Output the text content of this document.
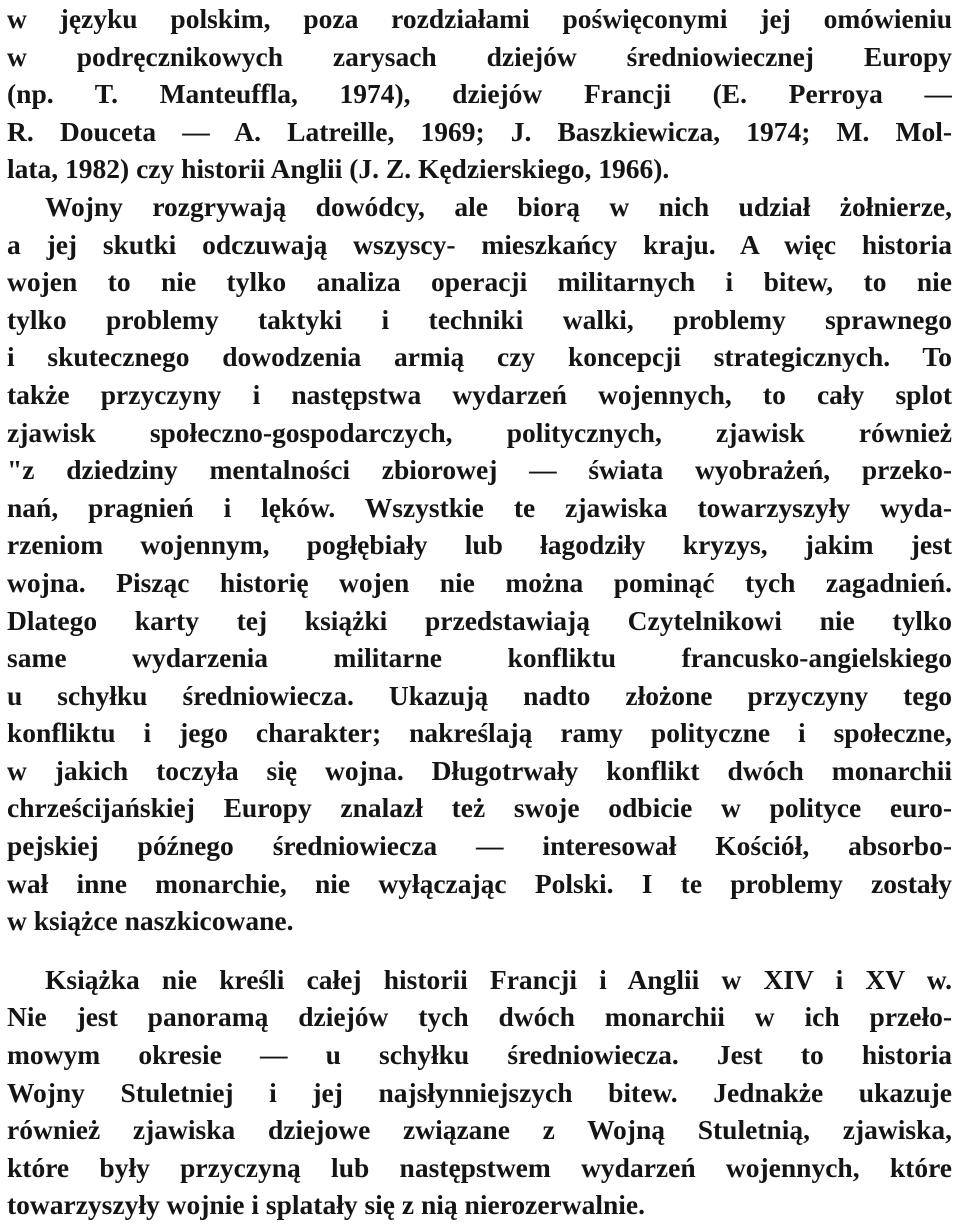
w języku polskim, poza rozdziałami poświęconymi jej omówieniu
w podręcznikowych zarysach dziejów średniowiecznej Europy
(np. T. Manteuffla, 1974), dziejów Francji (E. Perroya —
R. Douceta — A. Latreille, 1969; J. Baszkiewicza, 1974; M. Mol-
lata, 1982) czy historii Anglii (J. Z. Kędzierskiego, 1966).
Wojny rozgrywają dowódcy, ale biorą w nich udział żołnierze,
a jej skutki odczuwają wszyscy- mieszkańcy kraju. A więc historia
wojen to nie tylko analiza operacji militarnych i bitew, to nie
tylko problemy taktyki i techniki walki, problemy sprawnego
i skutecznego dowodzenia armią czy koncepcji strategicznych. To
także przyczyny i następstwa wydarzeń wojennych, to cały splot
zjawisk społeczno-gospodarczych, politycznych, zjawisk również
"z dziedziny mentalności zbiorowej — świata wyobrażeń, przeko-
nań, pragnień i lęków. Wszystkie te zjawiska towarzyszyły wyda-
rzeniom wojennym, pogłębiały lub łagodziły kryzys, jakim jest
wojna. Pisząc historię wojen nie można pominąć tych zagadnień.
Dlatego karty tej książki przedstawiają Czytelnikowi nie tylko
same wydarzenia militarne konfliktu francusko-angielskiego
u schyłku średniowiecza. Ukazują nadto złożone przyczyny tego
konfliktu i jego charakter; nakreślają ramy polityczne i społeczne,
w jakich toczyła się wojna. Długotrwały konflikt dwóch monarchii
chrześcijańskiej Europy znalazł też swoje odbicie w polityce euro-
pejskiej późnego średniowiecza — interesował Kościół, absorbo-
wał inne monarchie, nie wyłączając Polski. I te problemy zostały
w książce naszkicowane.
Książka nie kreśli całej historii Francji i Anglii w XIV i XV w.
Nie jest panoramą dziejów tych dwóch monarchii w ich przeło-
mowym okresie — u schyłku średniowiecza. Jest to historia
Wojny Stuletniej i jej najsłynniejszych bitew. Jednakże ukazuje
również zjawiska dziejowe związane z Wojną Stuletnią, zjawiska,
które były przyczyną lub następstwem wydarzeń wojennych, które
towarzyszyły wojnie i splatały się z nią nierozerwalnie.
